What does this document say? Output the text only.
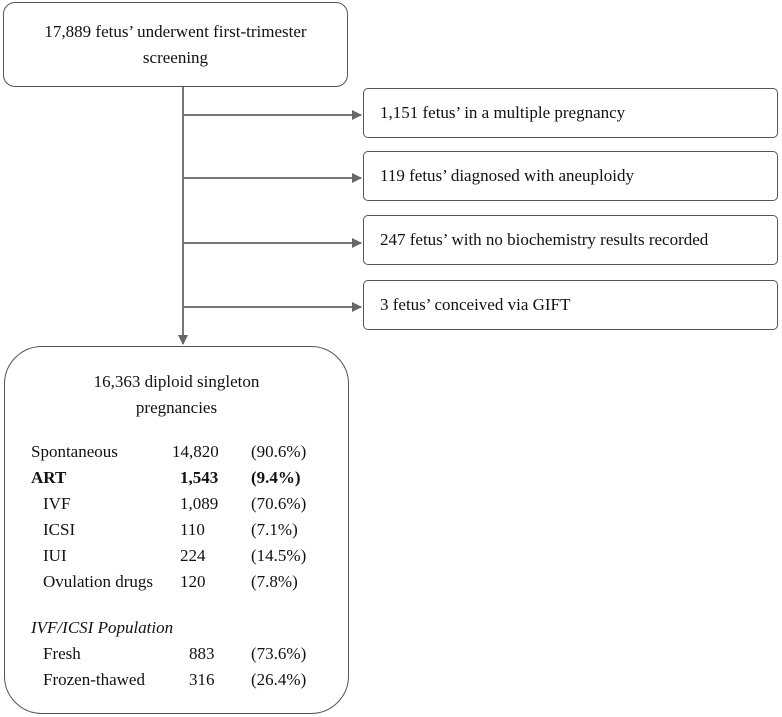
17,889 fetus’ underwent first-trimester
screening
1,151 fetus’ in a multiple pregnancy
119 fetus’ diagnosed with aneuploidy
247 fetus’ with no biochemistry results recorded
3 fetus’ conceived via GIFT
16,363 diploid singleton
pregnancies
Spontaneous	14,820 (90.6%)
ART	1,543 (9.4%)
IVF	1,089 (70.6%)
ICSI	110	(7.1%)
IUI	224	(14.5%)
Ovulation drugs 120	(7.8%)
IVF/ICSI Population
Fresh	883 (73.6%)
Frozen-thawed	316 (26.4%)
